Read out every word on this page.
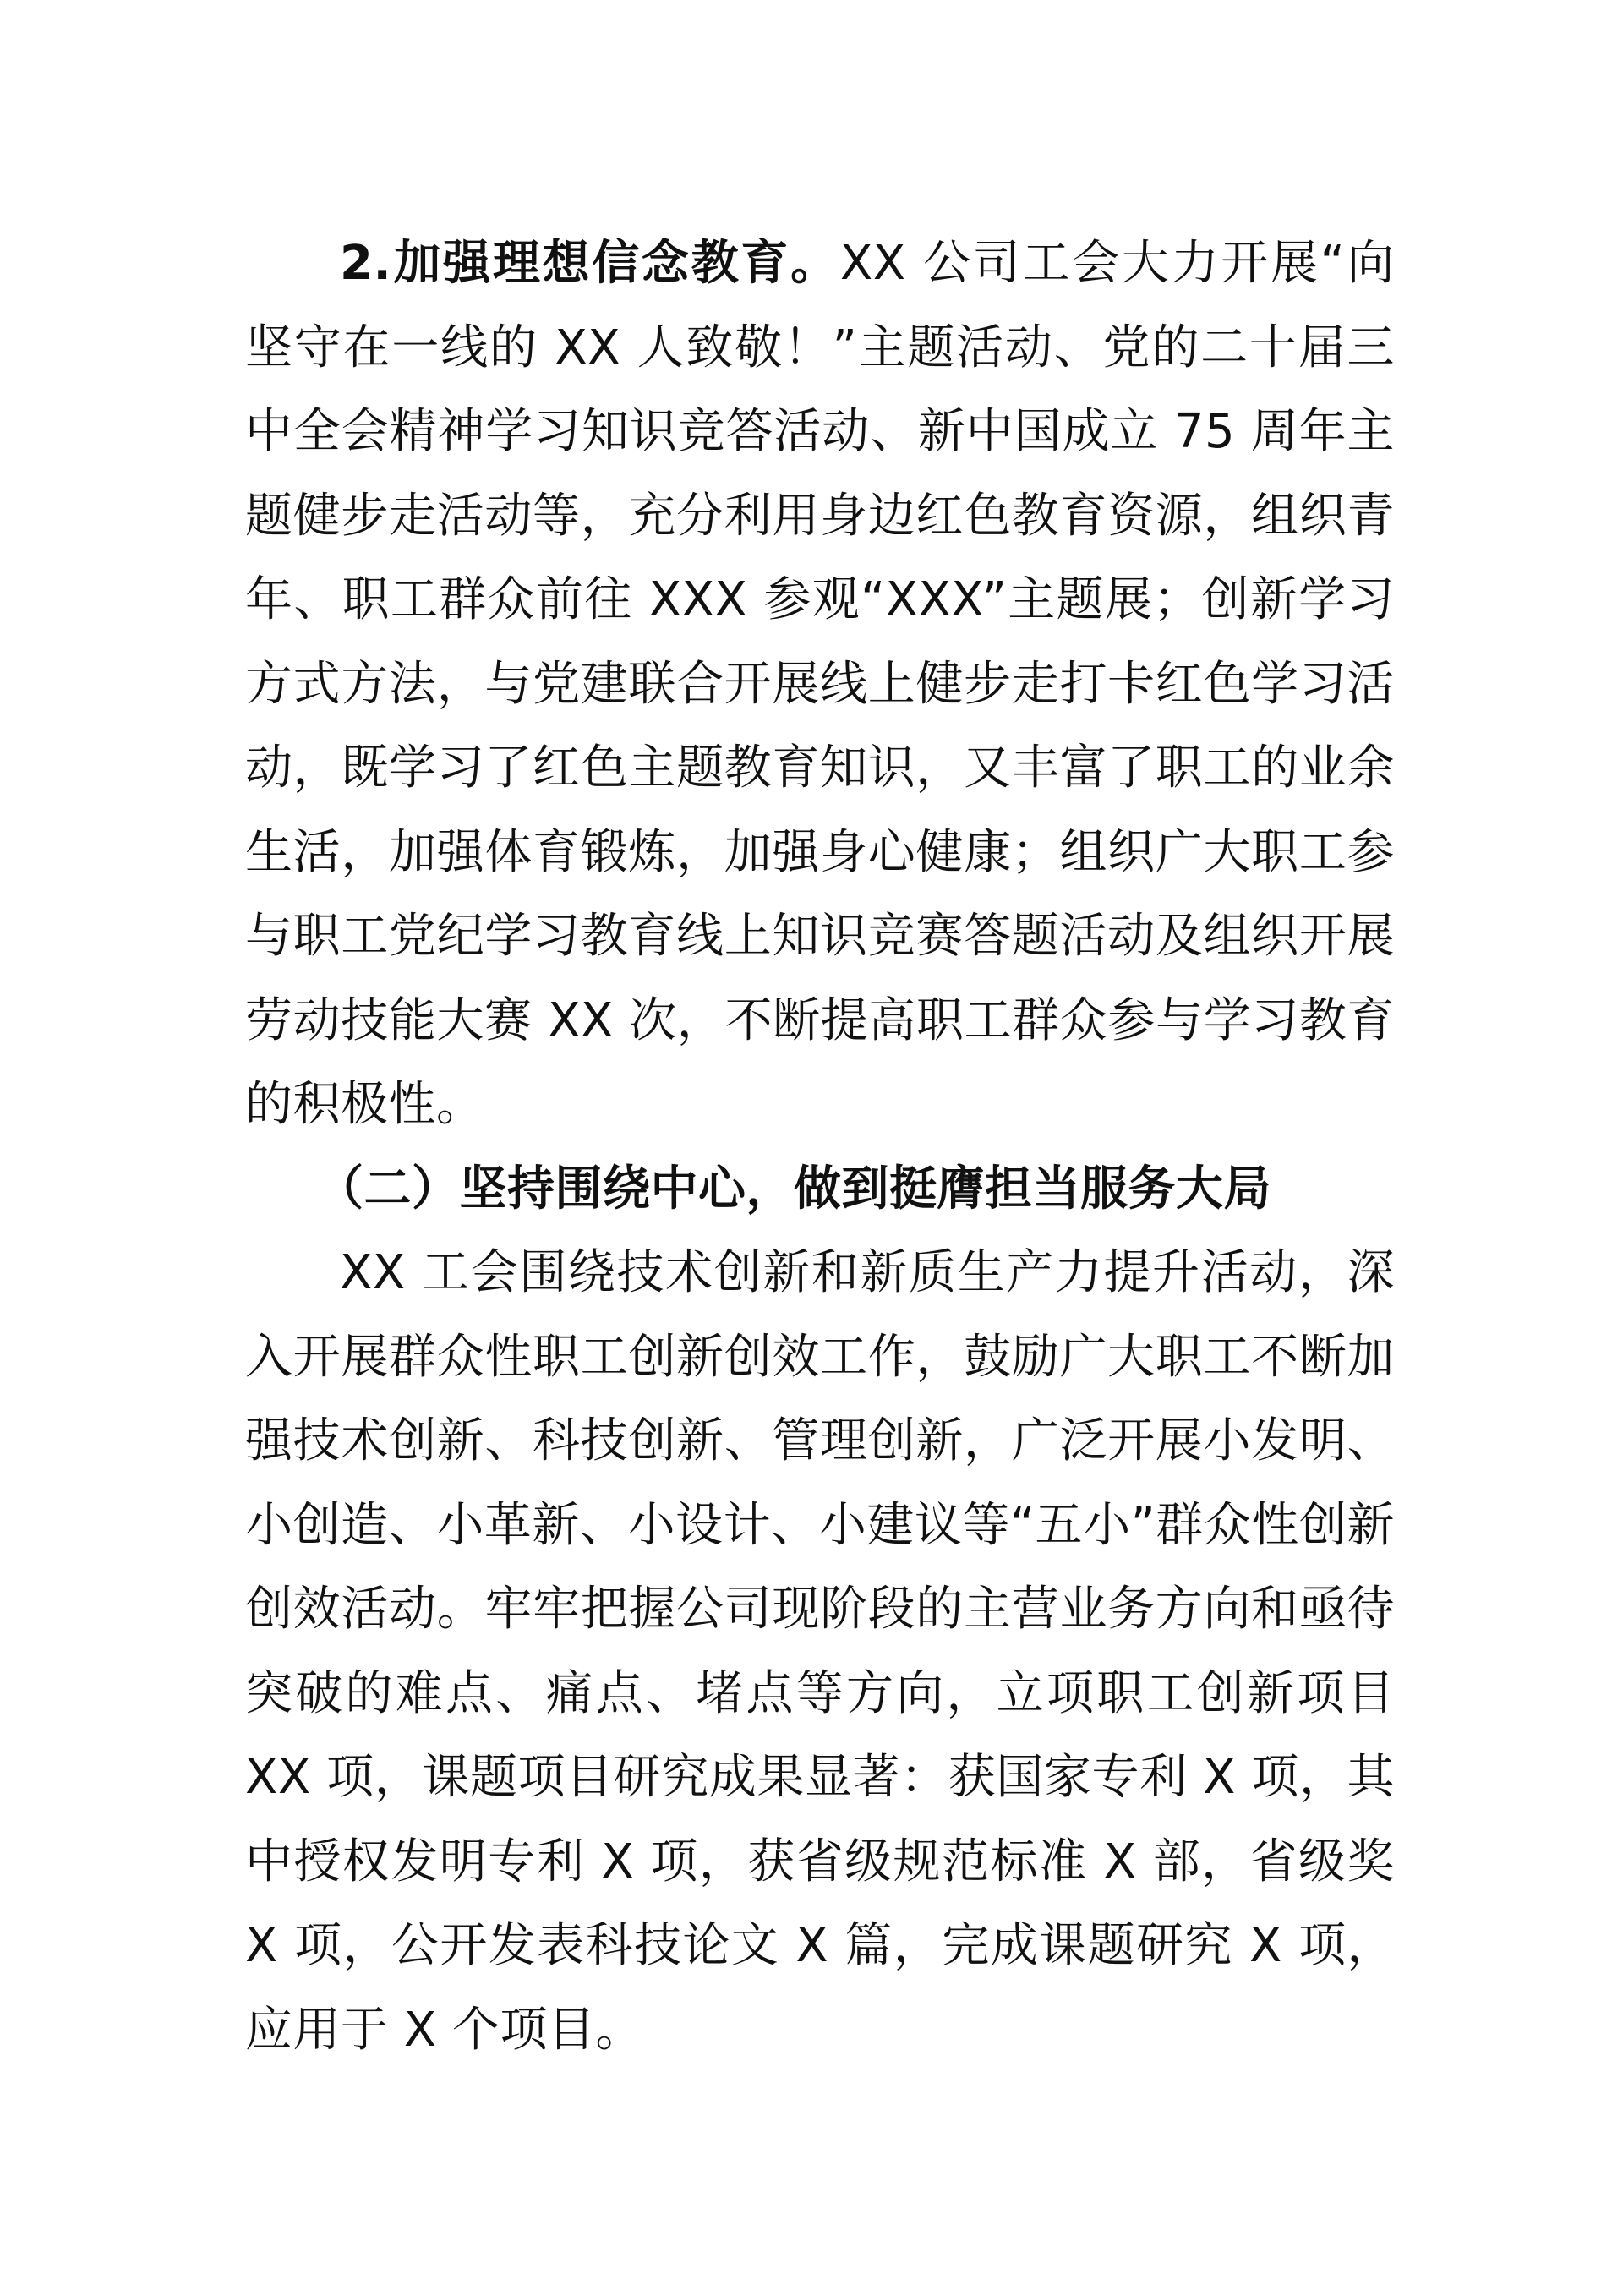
2.加强理想信念教育。XX 公司工会大力开展“向坚守在一线的 XX 人致敬！”主题活动、党的二十届三中全会精神学习知识竞答活动、新中国成立 75 周年主题健步走活动等，充分利用身边红色教育资源，组织青年、职工群众前往 XXX 参观“XXX”主题展；创新学习方式方法，与党建联合开展线上健步走打卡红色学习活动，既学习了红色主题教育知识，又丰富了职工的业余生活，加强体育锻炼，加强身心健康；组织广大职工参与职工党纪学习教育线上知识竞赛答题活动及组织开展劳动技能大赛 XX 次，不断提高职工群众参与学习教育的积极性。

（二）坚持围绕中心，做到挺膺担当服务大局

XX 工会围绕技术创新和新质生产力提升活动，深入开展群众性职工创新创效工作，鼓励广大职工不断加强技术创新、科技创新、管理创新，广泛开展小发明、小创造、小革新、小设计、小建议等“五小”群众性创新创效活动。牢牢把握公司现阶段的主营业务方向和亟待突破的难点、痛点、堵点等方向，立项职工创新项目 XX 项，课题项目研究成果显著：获国家专利 X 项，其中授权发明专利 X 项，获省级规范标准 X 部，省级奖 X 项，公开发表科技论文 X 篇，完成课题研究 X 项，应用于 X 个项目。
